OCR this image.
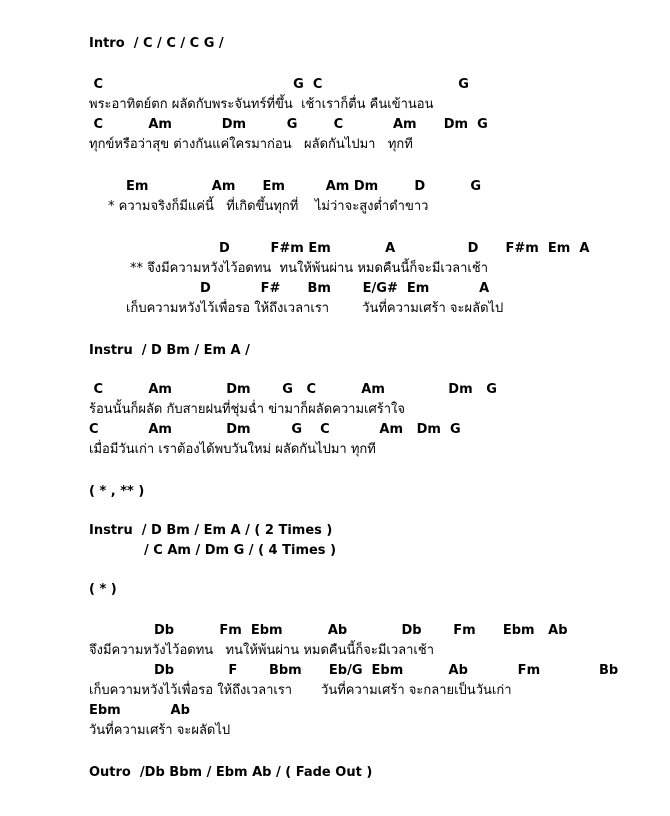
Intro  / C / C / C G /
C                                          G  C                              G
พระอาทิตย์ตก ผลัดกับพระจันทร์ที่ขึ้น  เช้าเราก็ตื่น คืนเข้านอน
C          Am           Dm         G        C           Am      Dm  G
ทุกข์หรือว่าสุข ต่างกันแค่ใครมาก่อน   ผลัดกันไปมา   ทุกที
Em              Am      Em         Am Dm        D          G
* ความจริงก็มีแค่นี้   ที่เกิดขึ้นทุกที่    ไม่ว่าจะสูงต่ำดำขาว
D         F#m Em            A                D      F#m  Em  A
** จึงมีความหวังไว้อดทน  ทนให้พ้นผ่าน หมดคืนนี้ก็จะมีเวลาเช้า
D           F#      Bm       E/G#  Em           A
เก็บความหวังไว้เพื่อรอ ให้ถึงเวลาเรา        วันที่ความเศร้า จะผลัดไป
Instru  / D Bm / Em A /
C          Am            Dm       G   C          Am              Dm   G
ร้อนนั้นก็ผลัด กับสายฝนที่ชุ่มฉ่ำ ข่ามาก็ผลัดความเศร้าใจ
C           Am            Dm         G    C           Am   Dm  G
เมื่อมีวันเก่า เราต้องได้พบวันใหม่ ผลัดกันไปมา ทุกที
( * , ** )
Instru  / D Bm / Em A / ( 2 Times )
/ C Am / Dm G / ( 4 Times )
( * )
Db          Fm  Ebm          Ab            Db       Fm      Ebm   Ab
จึงมีความหวังไว้อดทน   ทนให้พ้นผ่าน หมดคืนนี้ก็จะมีเวลาเช้า
Db            F       Bbm      Eb/G  Ebm          Ab           Fm             Bb
เก็บความหวังไว้เพื่อรอ ให้ถึงเวลาเรา       วันที่ความเศร้า จะกลายเป็นวันเก่า
Ebm           Ab
วันที่ความเศร้า จะผลัดไป
Outro  /Db Bbm / Ebm Ab / ( Fade Out )
